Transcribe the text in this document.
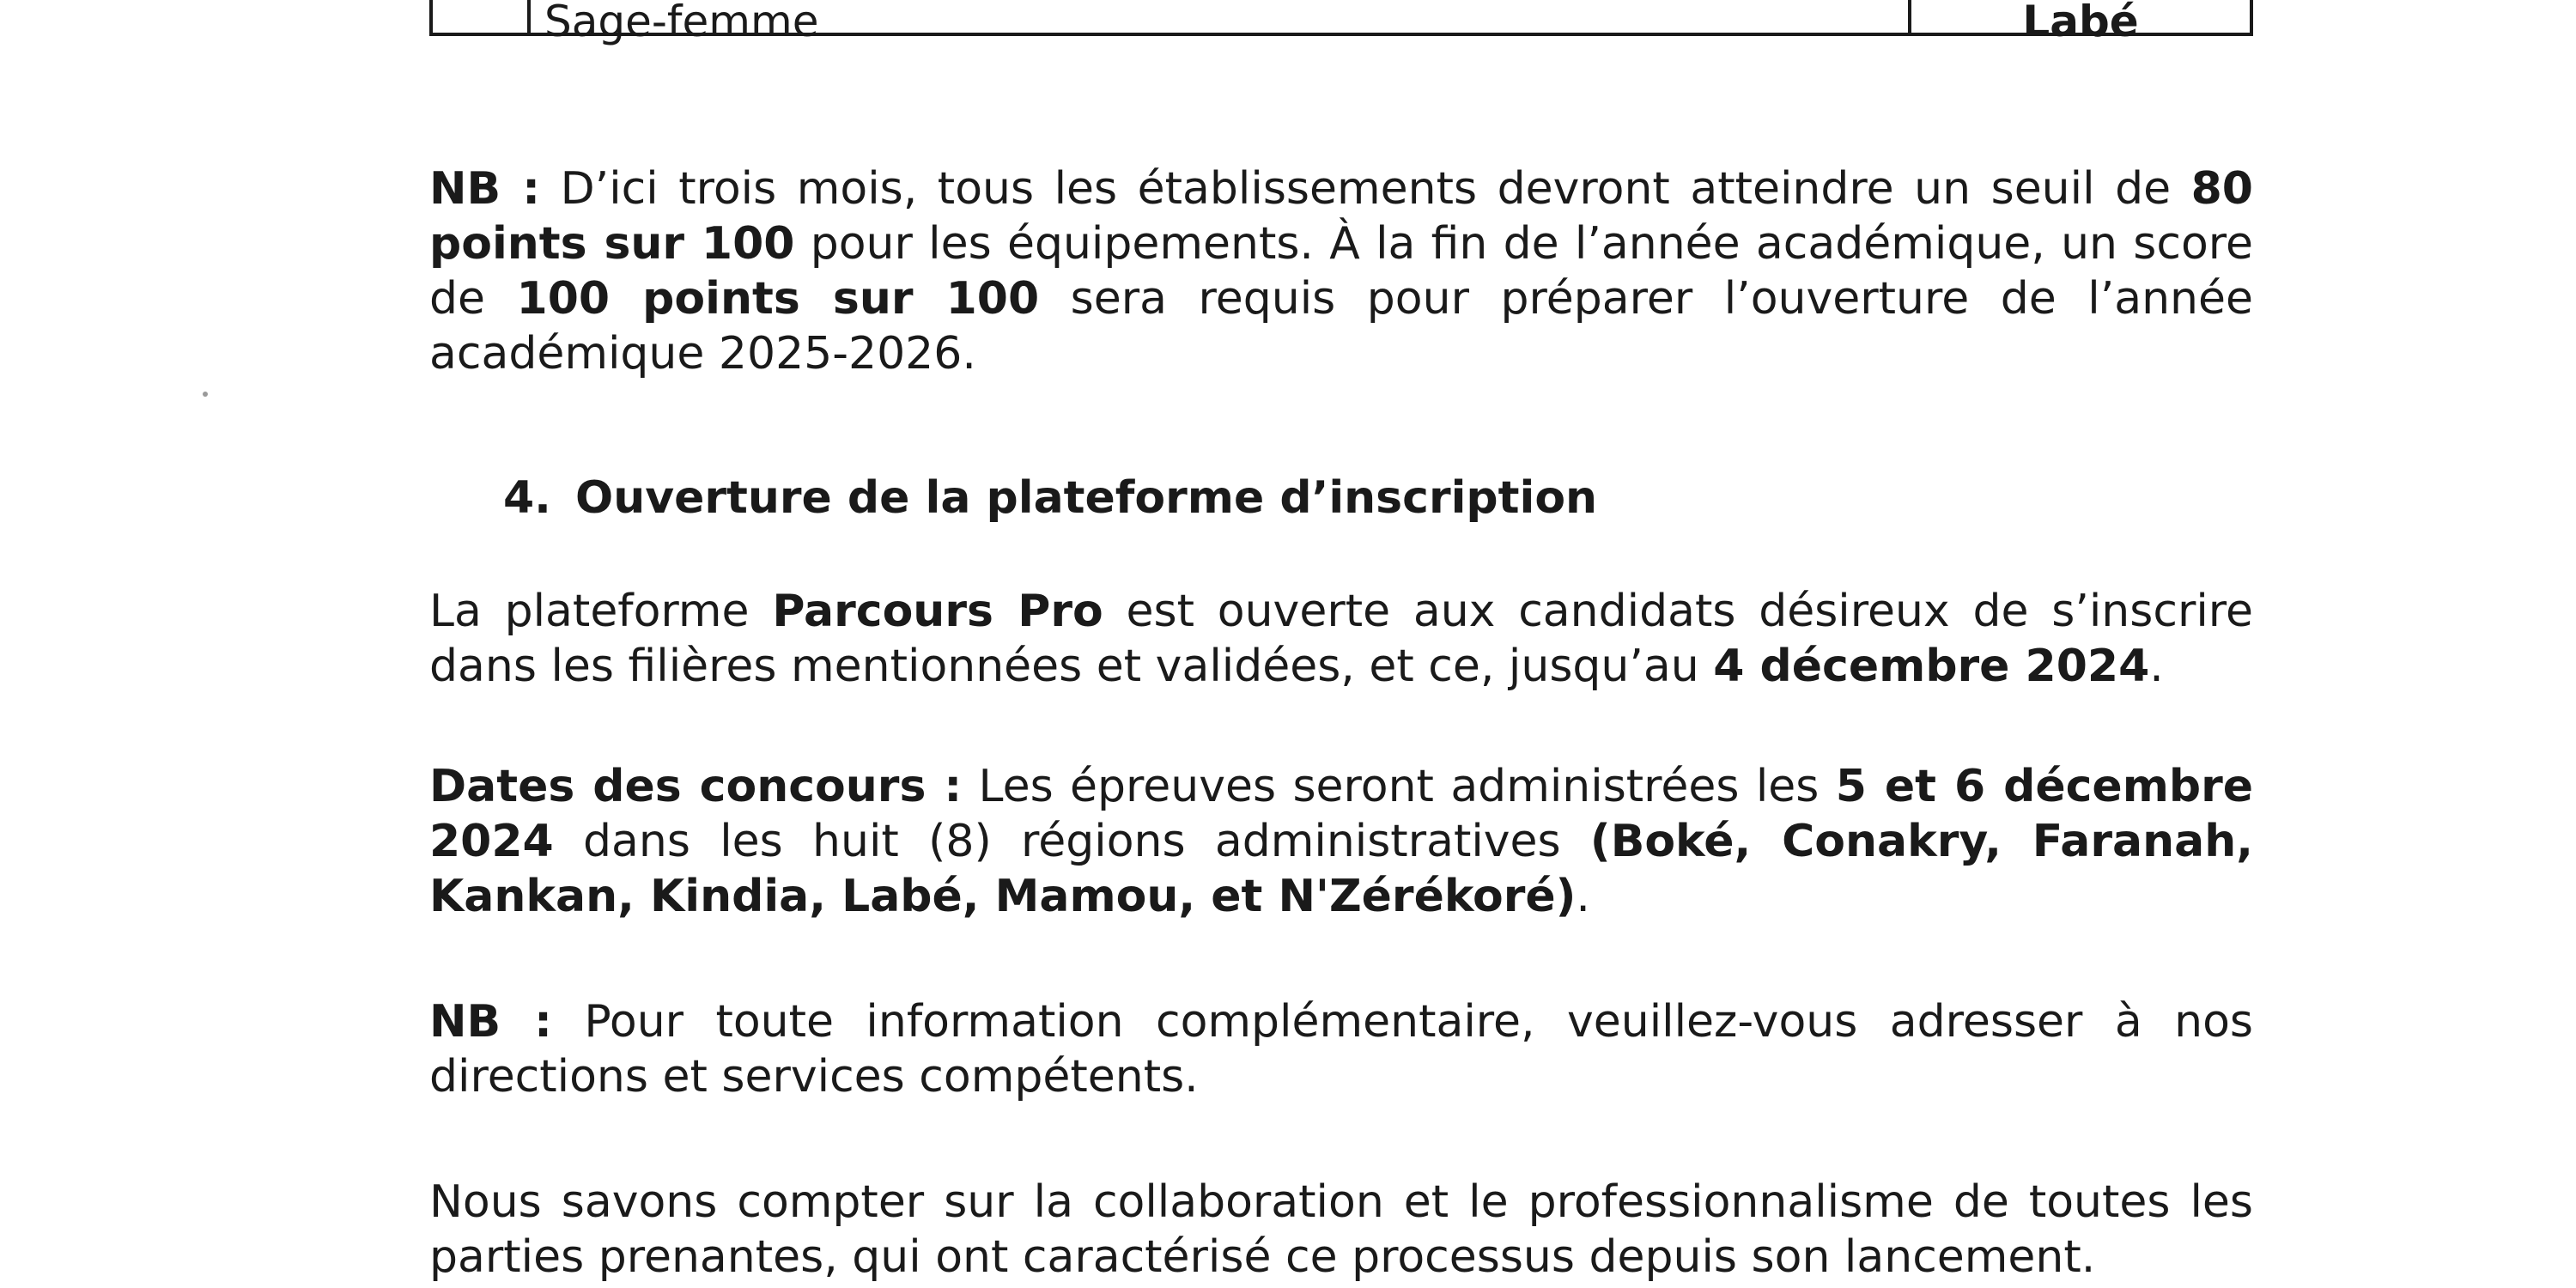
Sage-femme	Labé

NB : D’ici trois mois, tous les établissements devront atteindre un seuil de 80 points sur 100 pour les équipements. À la fin de l’année académique, un score de 100 points sur 100 sera requis pour préparer l’ouverture de l’année académique 2025-2026.

4. Ouverture de la plateforme d’inscription

La plateforme Parcours Pro est ouverte aux candidats désireux de s’inscrire dans les filières mentionnées et validées, et ce, jusqu’au 4 décembre 2024.

Dates des concours : Les épreuves seront administrées les 5 et 6 décembre 2024 dans les huit (8) régions administratives (Boké, Conakry, Faranah, Kankan, Kindia, Labé, Mamou, et N'Zérékoré).

NB : Pour toute information complémentaire, veuillez-vous adresser à nos directions et services compétents.

Nous savons compter sur la collaboration et le professionnalisme de toutes les parties prenantes, qui ont caractérisé ce processus depuis son lancement.
